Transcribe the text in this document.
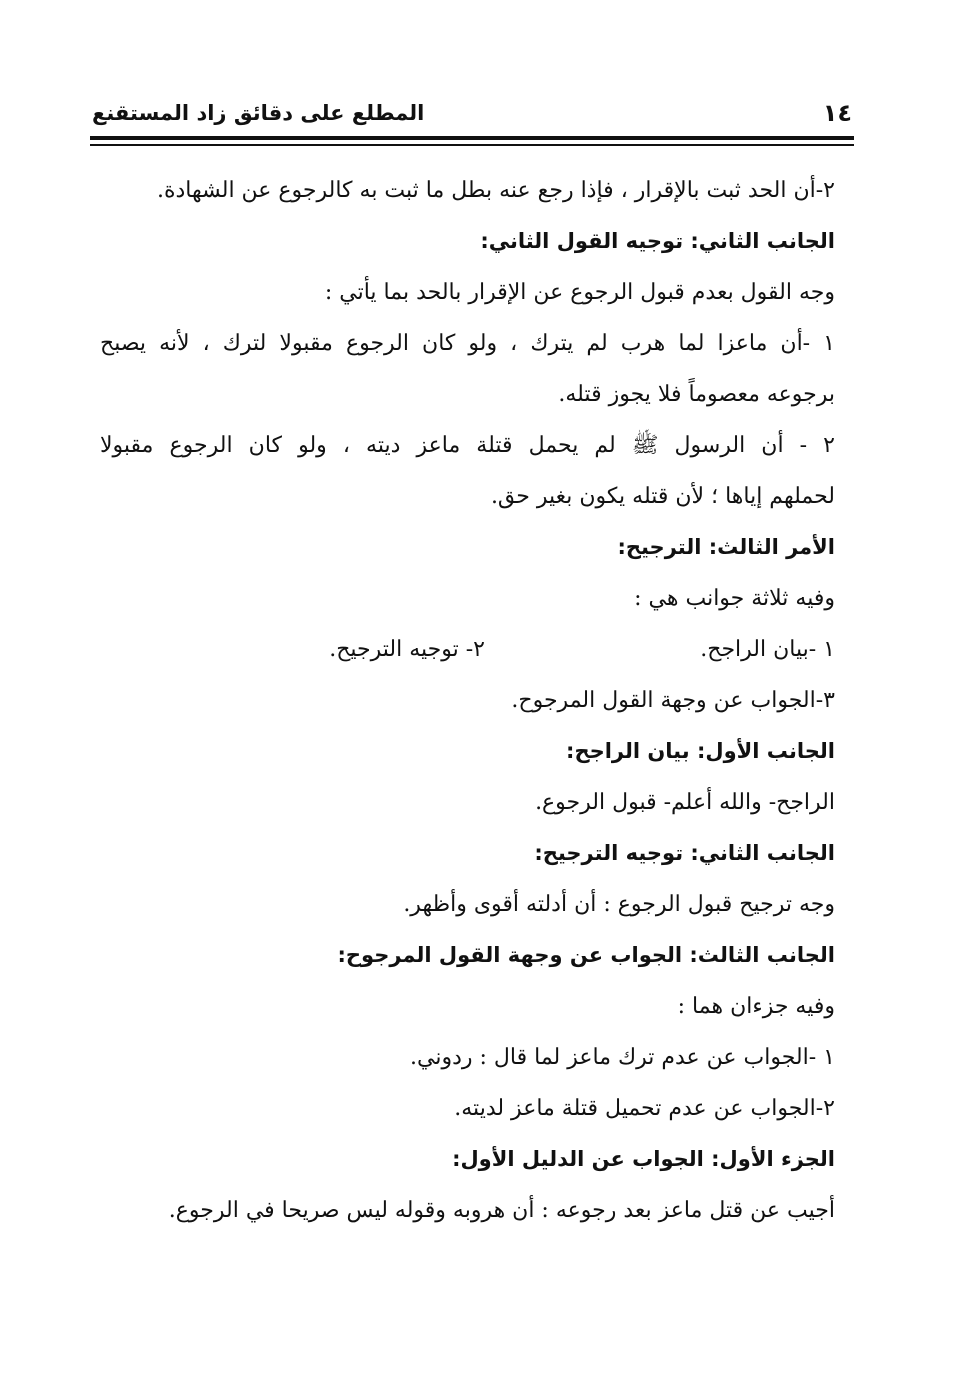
١٤
المطلع على دقائق زاد المستقنع
٢-أن الحد ثبت بالإقرار ، فإذا رجع عنه بطل ما ثبت به كالرجوع عن الشهادة.
الجانب الثاني: توجيه القول الثاني:
وجه القول بعدم قبول الرجوع عن الإقرار بالحد بما يأتي :
١ -أن ماعزا لما هرب لم يترك ، ولو كان الرجوع مقبولا لترك ، لأنه يصبح
برجوعه معصوماً فلا يجوز قتله.
٢ - أن الرسول ﷺ لم يحمل قتلة ماعز ديته ، ولو كان الرجوع مقبولا
لحملهم إياها ؛ لأن قتله يكون بغير حق.
الأمر الثالث: الترجيح:
وفيه ثلاثة جوانب هي :
١ -بيان الراجح.
٢- توجيه الترجيح.
٣-الجواب عن وجهة القول المرجوح.
الجانب الأول: بيان الراجح:
الراجح- والله أعلم- قبول الرجوع.
الجانب الثاني: توجيه الترجيح:
وجه ترجيح قبول الرجوع : أن أدلته أقوى وأظهر.
الجانب الثالث: الجواب عن وجهة القول المرجوح:
وفيه جزءان هما :
١ -الجواب عن عدم ترك ماعز لما قال : ردوني.
٢-الجواب عن عدم تحميل قتلة ماعز لديته.
الجزء الأول: الجواب عن الدليل الأول:
أجيب عن قتل ماعز بعد رجوعه : أن هروبه وقوله ليس صريحا في الرجوع.
